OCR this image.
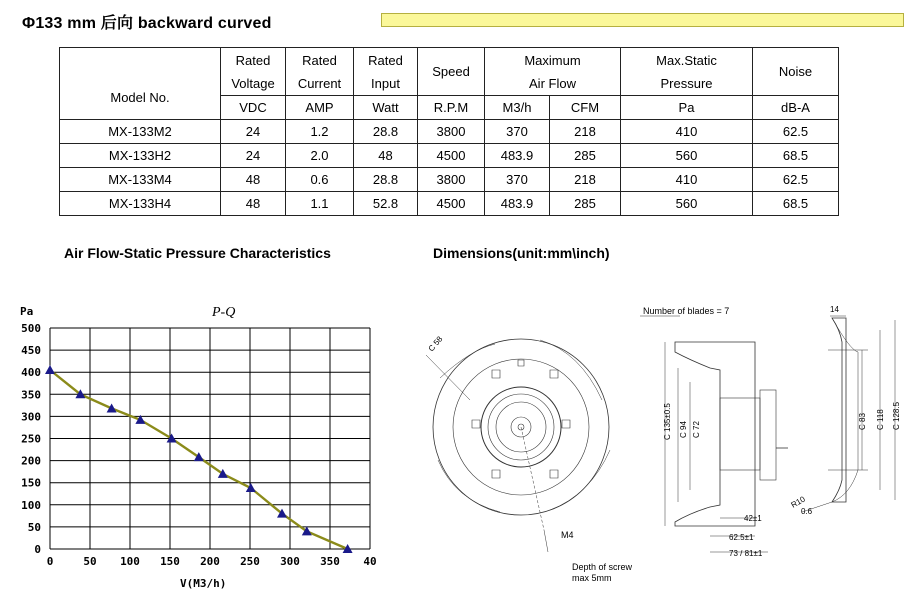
Φ133 mm 后向 backward curved
Model No.	Rated	Rated	Rated	Speed	Maximum		Max.Static	Noise
	Voltage	Current	Input		Air Flow		Pressure	
	VDC	AMP	Watt	R.P.M	M3/h	CFM	Pa	dB-A
MX-133M2	24	1.2	28.8	3800	370	218	410	62.5
MX-133H2	24	2.0	48	4500	483.9	285	560	68.5
MX-133M4	48	0.6	28.8	3800	370	218	410	62.5
MX-133H4	48	1.1	52.8	4500	483.9	285	560	68.5
Air Flow-Static Pressure Characteristics	Dimensions(unit:mm\inch)
Pa	P-Q
0
50
100
150
200
250
300
350
400
450
500
0	50 100 150 200 250 300 350 40
V(M3/h)
C 58
M4
Depth of screw
max 5mm
Number of blades = 7
C 135±0.5 C 94 C 72
42±1
62.5±1
73 / 81±1
14
C 83 C 118 C 128.5
R10
0.6
